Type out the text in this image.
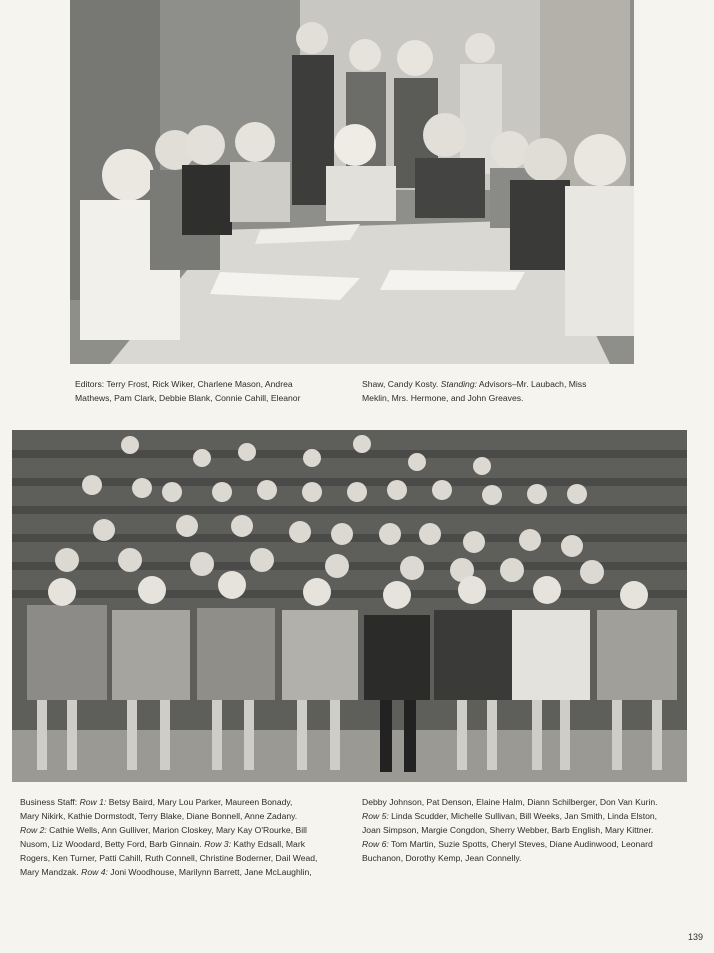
Editors: Terry Frost, Rick Wiker, Charlene Mason, Andrea
Mathews, Pam Clark, Debbie Blank, Connie Cahill, Eleanor
Shaw, Candy Kosty. Standing: Advisors–Mr. Laubach, Miss
Meklin, Mrs. Hermone, and John Greaves.
Business Staff: Row 1: Betsy Baird, Mary Lou Parker, Maureen Bonady,
Mary Nikirk, Kathie Dormstodt, Terry Blake, Diane Bonnell, Anne Zadany.
Row 2: Cathie Wells, Ann Gulliver, Marion Closkey, Mary Kay O'Rourke, Bill
Nusom, Liz Woodard, Betty Ford, Barb Ginnain. Row 3: Kathy Edsall, Mark
Rogers, Ken Turner, Patti Cahill, Ruth Connell, Christine Boderner, Dail Wead,
Mary Mandzak. Row 4: Joni Woodhouse, Marilynn Barrett, Jane McLaughlin,
Debby Johnson, Pat Denson, Elaine Halm, Diann Schilberger, Don Van Kurin.
Row 5: Linda Scudder, Michelle Sullivan, Bill Weeks, Jan Smith, Linda Elston,
Joan Simpson, Margie Congdon, Sherry Webber, Barb English, Mary Kittner.
Row 6: Tom Martin, Suzie Spotts, Cheryl Steves, Diane Audinwood, Leonard
Buchanon, Dorothy Kemp, Jean Connelly.
139
